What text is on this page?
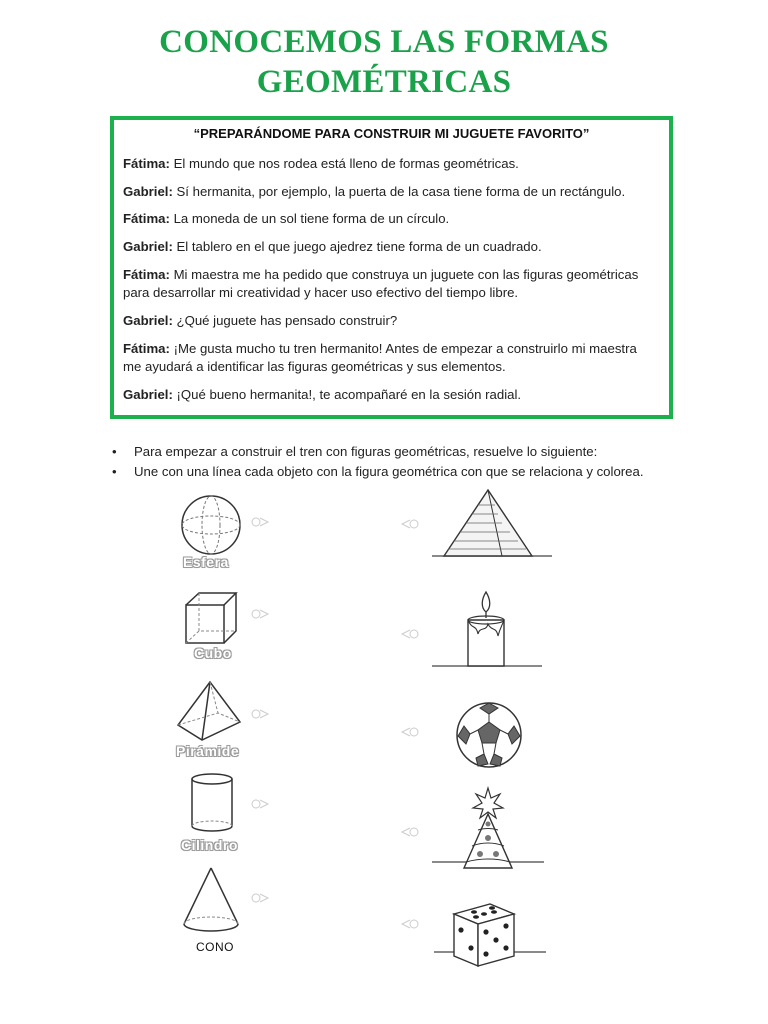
CONOCEMOS LAS FORMAS
GEOMÉTRICAS
“PREPARÁNDOME PARA CONSTRUIR MI JUGUETE FAVORITO”
Fátima: El mundo que nos rodea está lleno de formas geométricas.
Gabriel: Sí hermanita, por ejemplo, la puerta de la casa tiene forma de un rectángulo.
Fátima: La moneda de un sol tiene forma de un círculo.
Gabriel: El tablero en el que juego ajedrez tiene forma de un cuadrado.
Fátima: Mi maestra me ha pedido que construya un juguete con las figuras geométricas
para desarrollar mi creatividad y hacer uso efectivo del tiempo libre.
Gabriel: ¿Qué juguete has pensado construir?
Fátima: ¡Me gusta mucho tu tren hermanito! Antes de empezar a construirlo mi maestra
me ayudará a identificar las figuras geométricas y sus elementos.
Gabriel: ¡Qué bueno hermanita!, te acompañaré en la sesión radial.
• Para empezar a construir el tren con figuras geométricas, resuelve lo siguiente:
• Une con una línea cada objeto con la figura geométrica con que se relaciona y colorea.
Esfera
Cubo
Pirámide
Cilindro
CONO
